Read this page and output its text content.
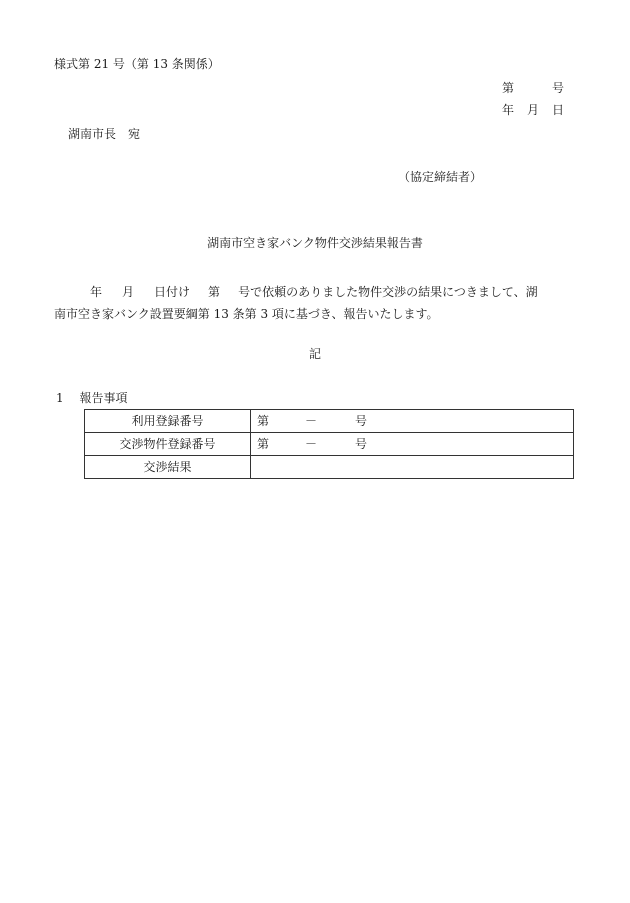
様式第 21 号（第 13 条関係）
第	号
年 月 日
湖南市長　宛
（協定締結者）
湖南市空き家バンク物件交渉結果報告書
年 月 日付け 第 号で依頼のありました物件交渉の結果につきまして、湖
南市空き家バンク設置要綱第 13 条第 3 項に基づき、報告いたします。
記
1　 報告事項
利用登録番号	第 － 号
交渉物件登録番号	第 － 号
交渉結果	
